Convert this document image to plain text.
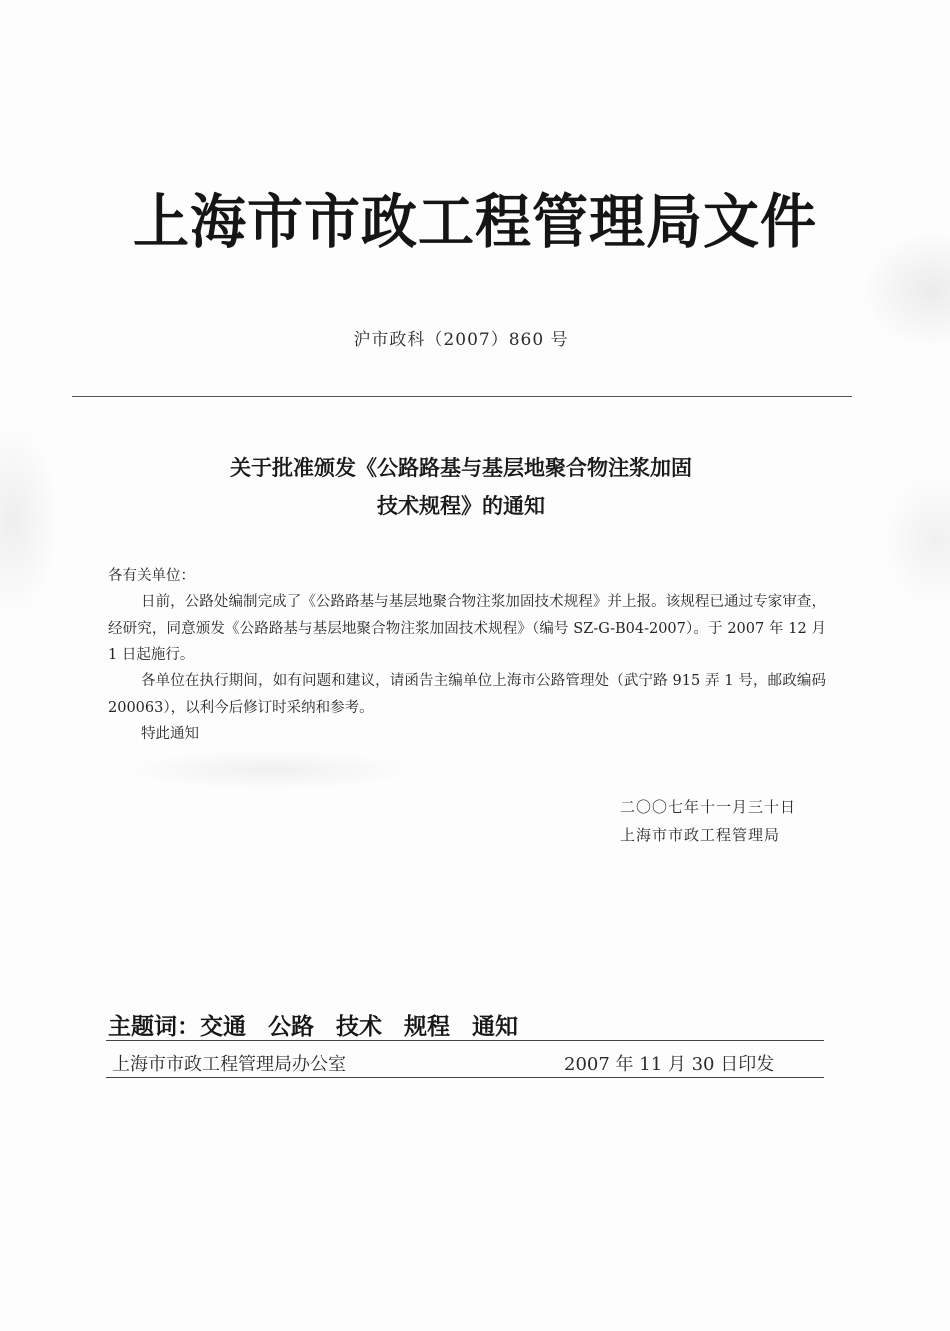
上海市市政工程管理局文件
沪市政科（2007）860 号
关于批准颁发《公路路基与基层地聚合物注浆加固
技术规程》的通知
各有关单位：
日前，公路处编制完成了《公路路基与基层地聚合物注浆加固技术规程》并上报。该规程已通过专家审查，经研究，同意颁发《公路路基与基层地聚合物注浆加固技术规程》（编号 SZ-G-B04-2007）。于 2007 年 12 月 1 日起施行。
各单位在执行期间，如有问题和建议，请函告主编单位上海市公路管理处（武宁路 915 弄 1 号，邮政编码 200063），以利今后修订时采纳和参考。
特此通知
二〇〇七年十一月三十日
上海市市政工程管理局
主题词：交通 公路 技术 规程 通知
上海市市政工程管理局办公室	2007 年 11 月 30 日印发
